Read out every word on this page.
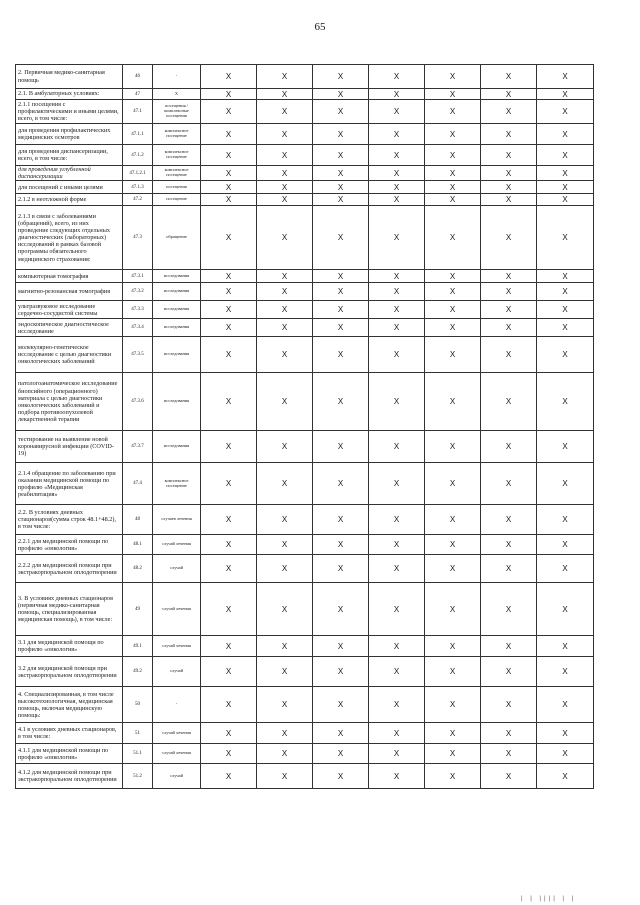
65
2. Первичная медико-санитарная помощь	46	-	X	X	X	X	X	X	X
2.1. В амбулаторных условиях:	47	X	X	X	X	X	X	X	X
2.1.1 посещения с профилактическими и иными целями, всего, в том числе:	47.1	посещения / комплексные посещения	X	X	X	X	X	X	X
для проведения профилактических медицинских осмотров	47.1.1	комплексное посещение	X	X	X	X	X	X	X
для проведения диспансеризации, всего, в том числе:	47.1.2	комплексное посещение	X	X	X	X	X	X	X
для проведения углубленной диспансеризации	47.1.2.1	комплексное посещение	X	X	X	X	X	X	X
для посещений с иными целями	47.1.3	посещения	X	X	X	X	X	X	X
2.1.2 в неотложной форме	47.2	посещение	X	X	X	X	X	X	X
2.1.3 в связи с заболеваниями (обращений), всего, из них проведение следующих отдельных диагностических (лабораторных) исследований в рамках базовой программы обязательного медицинского страхования:	47.3	обращение	X	X	X	X	X	X	X
компьютерная томография	47.3.1	исследования	X	X	X	X	X	X	X
магнитно-резонансная томография	47.3.2	исследования	X	X	X	X	X	X	X
ультразвуковое исследование сердечно-сосудистой системы	47.3.3	исследования	X	X	X	X	X	X	X
эндоскопическое диагностическое исследование	47.3.4	исследования	X	X	X	X	X	X	X
молекулярно-генетическое исследование с целью диагностики онкологических заболеваний	47.3.5	исследования	X	X	X	X	X	X	X
патологоанатомическое исследование биопсийного (операционного) материала с целью диагностики онкологических заболеваний и подбора противоопухолевой лекарственной терапии	47.3.6	исследования	X	X	X	X	X	X	X
тестирование на выявление новой коронавирусной инфекции (COVID-19)	47.3.7	исследования	X	X	X	X	X	X	X
2.1.4 обращение по заболеванию при оказании медицинской помощи по профилю «Медицинская реабилитация»	47.4	комплексное посещение	X	X	X	X	X	X	X
2.2. В условиях дневных стационаров(сумма строк 48.1+48.2), в том числе:	48	случаев лечения	X	X	X	X	X	X	X
2.2.1 для медицинской помощи по профилю «онкология»	48.1	случай лечения	X	X	X	X	X	X	X
2.2.2 для медицинской помощи при экстракорпоральном оплодотворении	48.2	случай	X	X	X	X	X	X	X
3. В условиях дневных стационаров (первичная медико-санитарная помощь, специализированная медицинская помощь), в том числе:	49	случай лечения	X	X	X	X	X	X	X
3.1 для медицинской помощи по профилю «онкология»	49.1	случай лечения	X	X	X	X	X	X	X
3.2 для медицинской помощи при экстракорпоральном оплодотворении	49.2	случай	X	X	X	X	X	X	X
4. Специализированная, в том числе высокотехнологичная, медицинская помощь, включая медицинскую помощь:	50	-	X	X	X	X	X	X	X
4.1 в условиях дневных стационаров, в том числе:	51	случай лечения	X	X	X	X	X	X	X
4.1.1 для медицинской помощи по профилю «онкология»	51.1	случай лечения	X	X	X	X	X	X	X
4.1.2 для медицинской помощи при экстракорпоральном оплодотворении	51.2	случай	X	X	X	X	X	X	X
| | |||| | |
